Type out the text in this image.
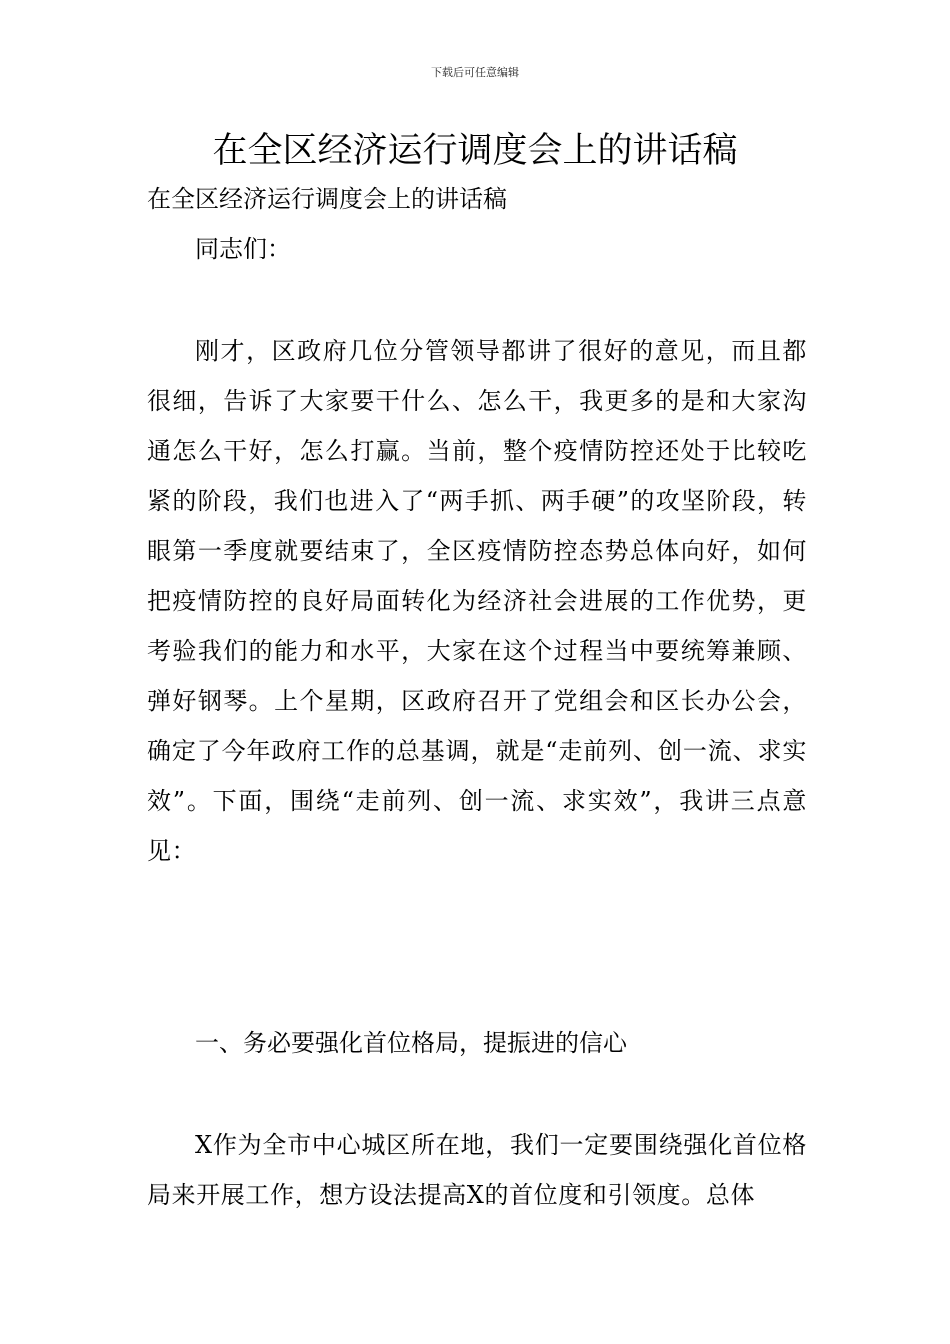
下载后可任意编辑
在全区经济运行调度会上的讲话稿
在全区经济运行调度会上的讲话稿
同志们：

刚才，区政府几位分管领导都讲了很好的意见，而且都很细，告诉了大家要干什么、怎么干，我更多的是和大家沟通怎么干好，怎么打赢。当前，整个疫情防控还处于比较吃紧的阶段，我们也进入了“两手抓、两手硬”的攻坚阶段，转眼第一季度就要结束了，全区疫情防控态势总体向好，如何把疫情防控的良好局面转化为经济社会进展的工作优势，更考验我们的能力和水平，大家在这个过程当中要统筹兼顾、弹好钢琴。上个星期，区政府召开了党组会和区长办公会，确定了今年政府工作的总基调，就是“走前列、创一流、求实效”。下面，围绕“走前列、创一流、求实效”，我讲三点意见：

一、务必要强化首位格局，提振进的信心

X作为全市中心城区所在地，我们一定要围绕强化首位格局来开展工作，想方设法提高X的首位度和引领度。总体
